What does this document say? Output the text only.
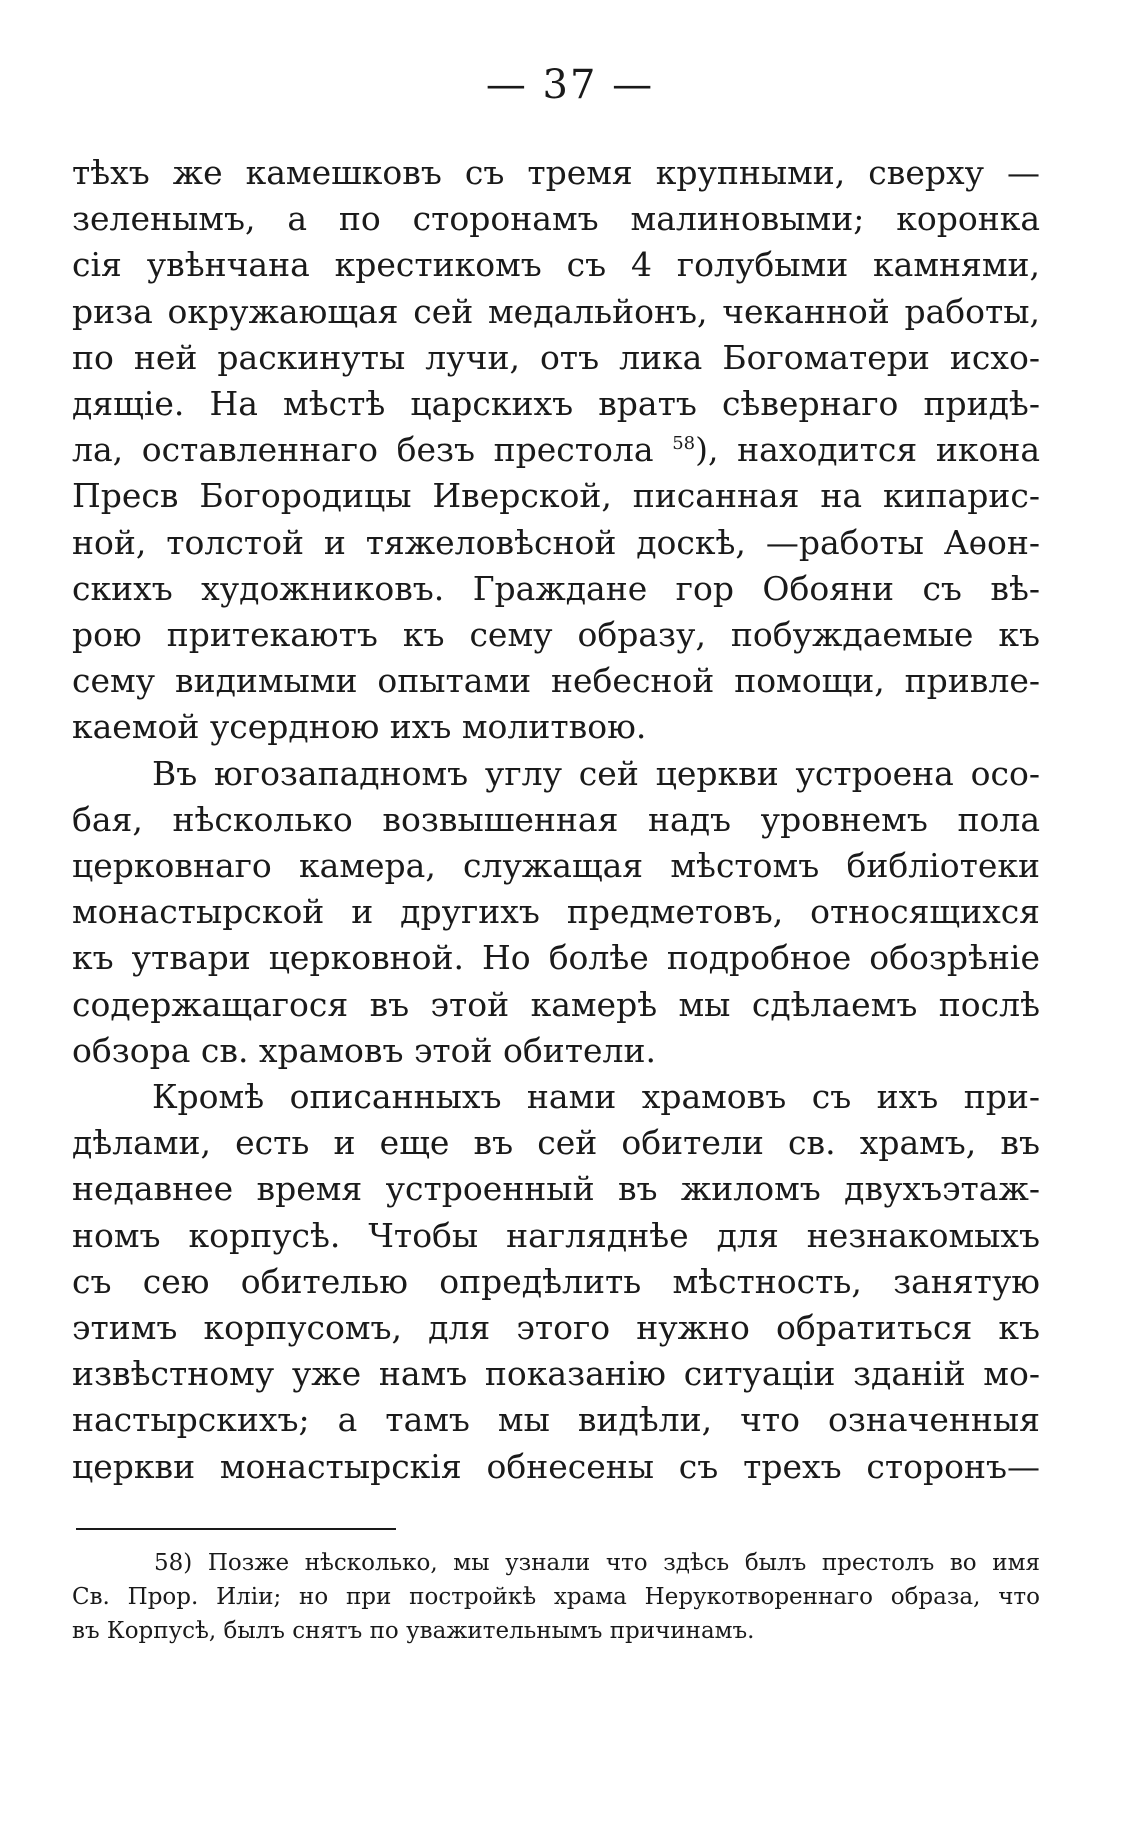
— 37 —

тѣхъ же камешковъ съ тремя крупными, сверху —
зеленымъ, а по сторонамъ малиновыми; коронка
сія увѣнчана крестикомъ съ 4 голубыми камнями,
риза окружающая сей медальйонъ, чеканной работы,
по ней раскинуты лучи, отъ лика Богоматери исхо-
дящіе. На мѣстѣ царскихъ вратъ сѣвернаго придѣ-
ла, оставленнаго безъ престола $^{58}$), находится икона
Пресв Богородицы Иверской, писанная на кипарис-
ной, толстой и тяжеловѣсной доскѣ, —работы Аѳон-
скихъ художниковъ. Граждане гор Обояни съ вѣ-
рою притекаютъ къ сему образу, побуждаемые къ
сему видимыми опытами небесной помощи, привле-
каемой усердною ихъ молитвою.

Въ югозападномъ углу сей церкви устроена осо-
бая, нѣсколько возвышенная надъ уровнемъ пола
церковнаго камера, служащая мѣстомъ библіотеки
монастырской и другихъ предметовъ, относящихся
къ утвари церковной. Но болѣе подробное обозрѣніе
содержащагося въ этой камерѣ мы сдѣлаемъ послѣ
обзора св. храмовъ этой обители.

Кромѣ описанныхъ нами храмовъ съ ихъ при-
дѣлами, есть и еще въ сей обители св. храмъ, въ
недавнее время устроенный въ жиломъ двухъэтаж-
номъ корпусѣ. Чтобы нагляднѣе для незнакомыхъ
съ сею обителью опредѣлить мѣстность, занятую
этимъ корпусомъ, для этого нужно обратиться къ
извѣстному уже намъ показанію ситуаціи зданій мо-
настырскихъ; а тамъ мы видѣли, что означенныя
церкви монастырскія обнесены съ трехъ сторонъ—

58) Позже нѣсколько, мы узнали что здѣсь былъ престолъ во имя
Св. Прор. Иліи; но при постройкѣ храма Нерукотвореннаго образа, что
въ Корпусѣ, былъ снятъ по уважительнымъ причинамъ.
